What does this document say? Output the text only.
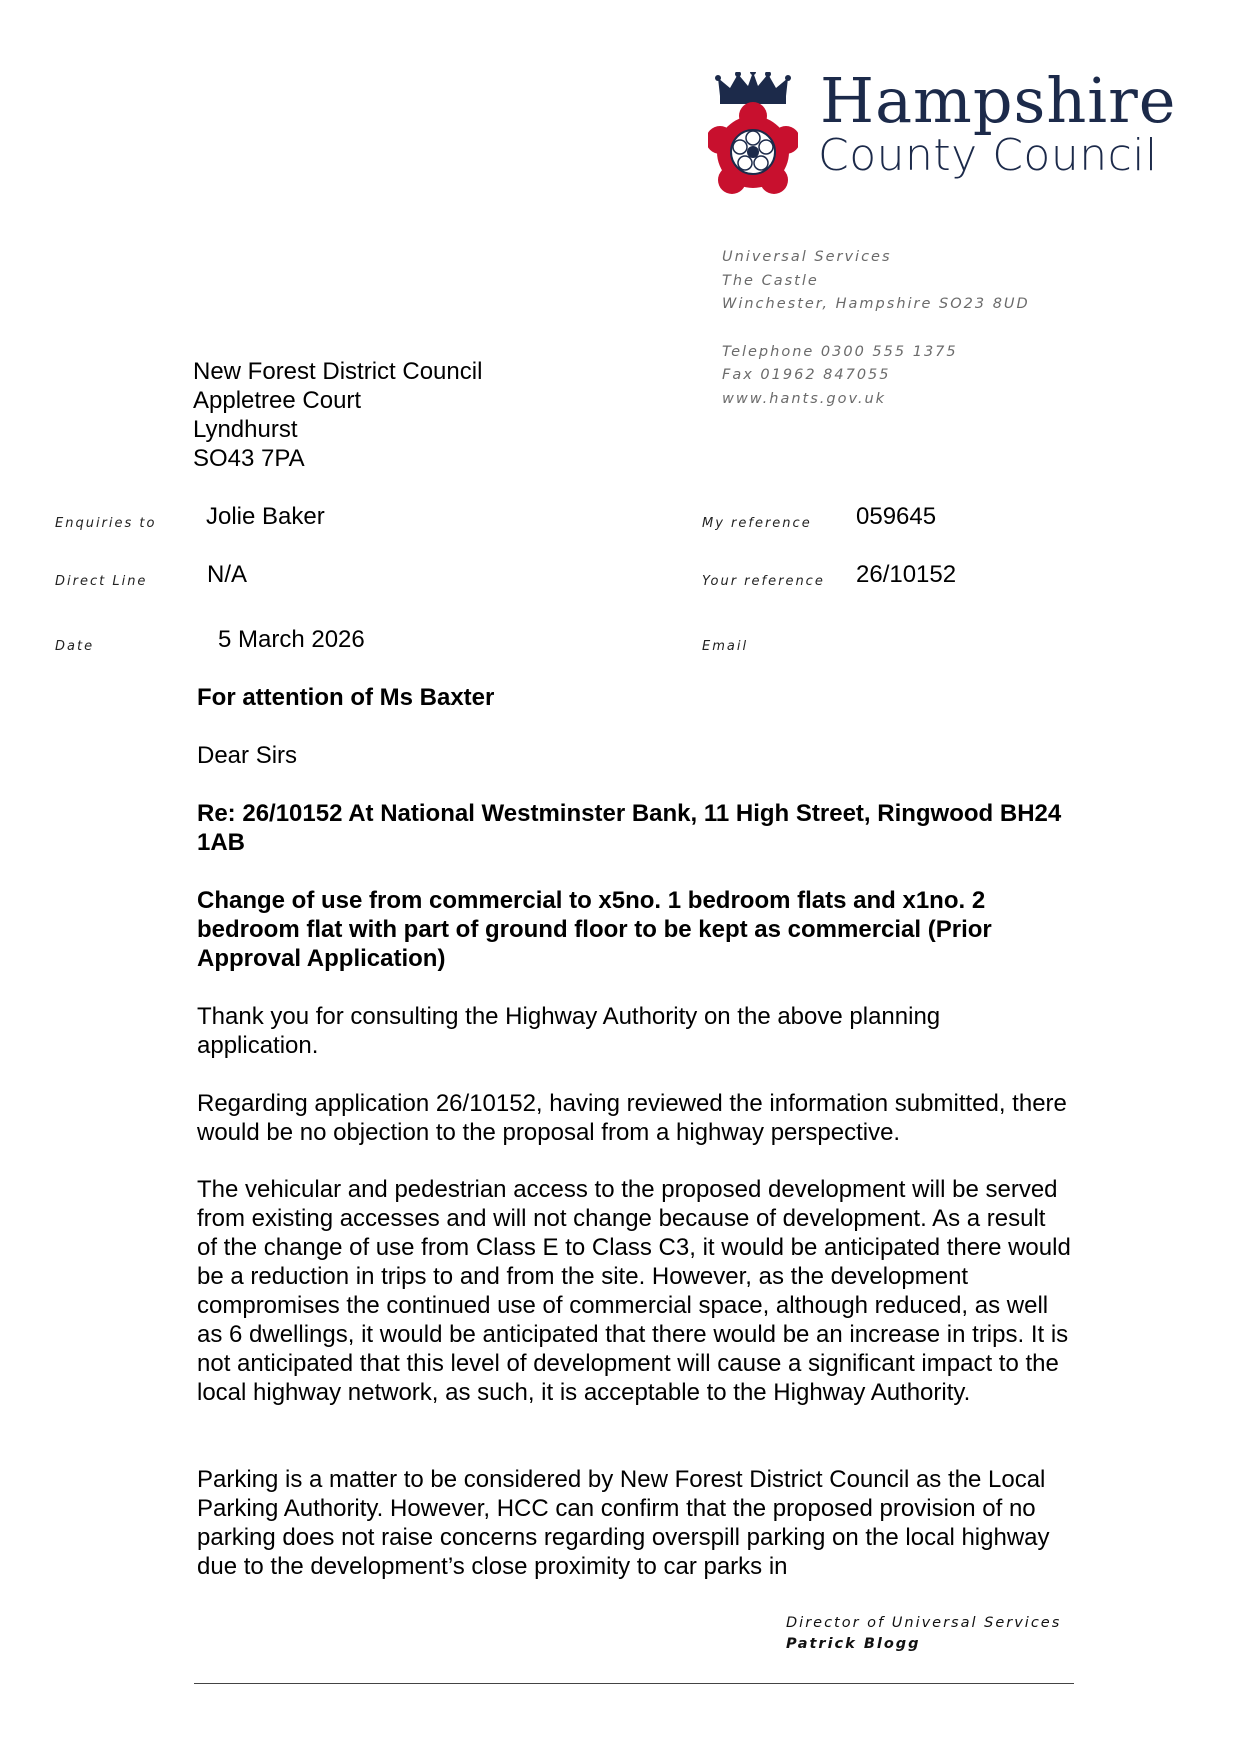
Hampshire
County Council
Universal Services
The Castle
Winchester, Hampshire SO23 8UD
Telephone 0300 555 1375
Fax 01962 847055
www.hants.gov.uk
New Forest District Council
Appletree Court
Lyndhurst
SO43 7PA
Enquiries to Jolie Baker
Direct Line N/A
Date	5 March 2026
My reference 059645
Your reference 26/10152
Email
For attention of Ms Baxter
Dear Sirs
Re: 26/10152 At National Westminster Bank, 11 High Street, Ringwood BH24 1AB
Change of use from commercial to x5no. 1 bedroom flats and x1no. 2 bedroom flat with part of ground floor to be kept as commercial (Prior Approval Application)
Thank you for consulting the Highway Authority on the above planning application.
Regarding application 26/10152, having reviewed the information submitted, there would be no objection to the proposal from a highway perspective.
The vehicular and pedestrian access to the proposed development will be served from existing accesses and will not change because of development. As a result of the change of use from Class E to Class C3, it would be anticipated there would be a reduction in trips to and from the site. However, as the development compromises the continued use of commercial space, although reduced, as well as 6 dwellings, it would be anticipated that there would be an increase in trips. It is not anticipated that this level of development will cause a significant impact to the local highway network, as such, it is acceptable to the Highway Authority.
Parking is a matter to be considered by New Forest District Council as the Local Parking Authority. However, HCC can confirm that the proposed provision of no parking does not raise concerns regarding overspill parking on the local highway due to the development’s close proximity to car parks in
Director of Universal Services
Patrick Blogg
